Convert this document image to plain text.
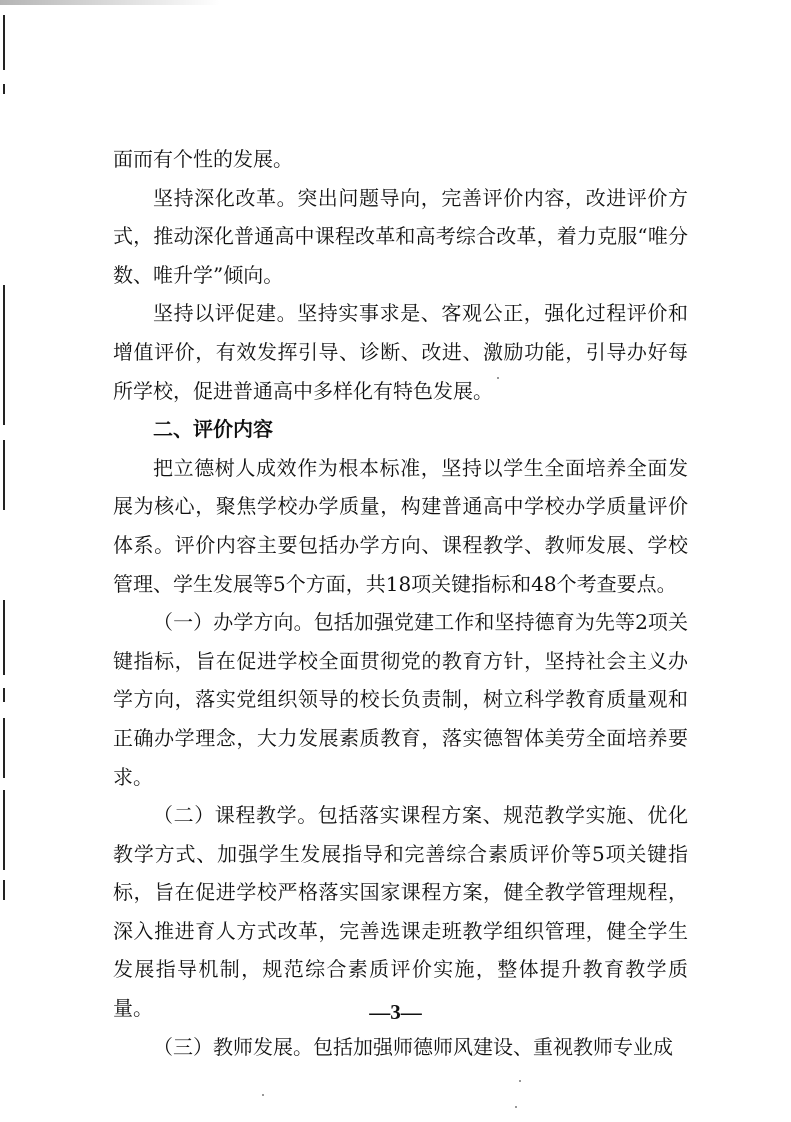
面而有个性的发展。

坚持深化改革。突出问题导向，完善评价内容，改进评价方式，推动深化普通高中课程改革和高考综合改革，着力克服“唯分数、唯升学”倾向。

坚持以评促建。坚持实事求是、客观公正，强化过程评价和增值评价，有效发挥引导、诊断、改进、激励功能，引导办好每所学校，促进普通高中多样化有特色发展。

二、评价内容

把立德树人成效作为根本标准，坚持以学生全面培养全面发展为核心，聚焦学校办学质量，构建普通高中学校办学质量评价体系。评价内容主要包括办学方向、课程教学、教师发展、学校管理、学生发展等5个方面，共18项关键指标和48个考查要点。

（一）办学方向。包括加强党建工作和坚持德育为先等2项关键指标，旨在促进学校全面贯彻党的教育方针，坚持社会主义办学方向，落实党组织领导的校长负责制，树立科学教育质量观和正确办学理念，大力发展素质教育，落实德智体美劳全面培养要求。

（二）课程教学。包括落实课程方案、规范教学实施、优化教学方式、加强学生发展指导和完善综合素质评价等5项关键指标，旨在促进学校严格落实国家课程方案，健全教学管理规程，深入推进育人方式改革，完善选课走班教学组织管理，健全学生发展指导机制，规范综合素质评价实施，整体提升教育教学质量。

（三）教师发展。包括加强师德师风建设、重视教师专业成

—3—
